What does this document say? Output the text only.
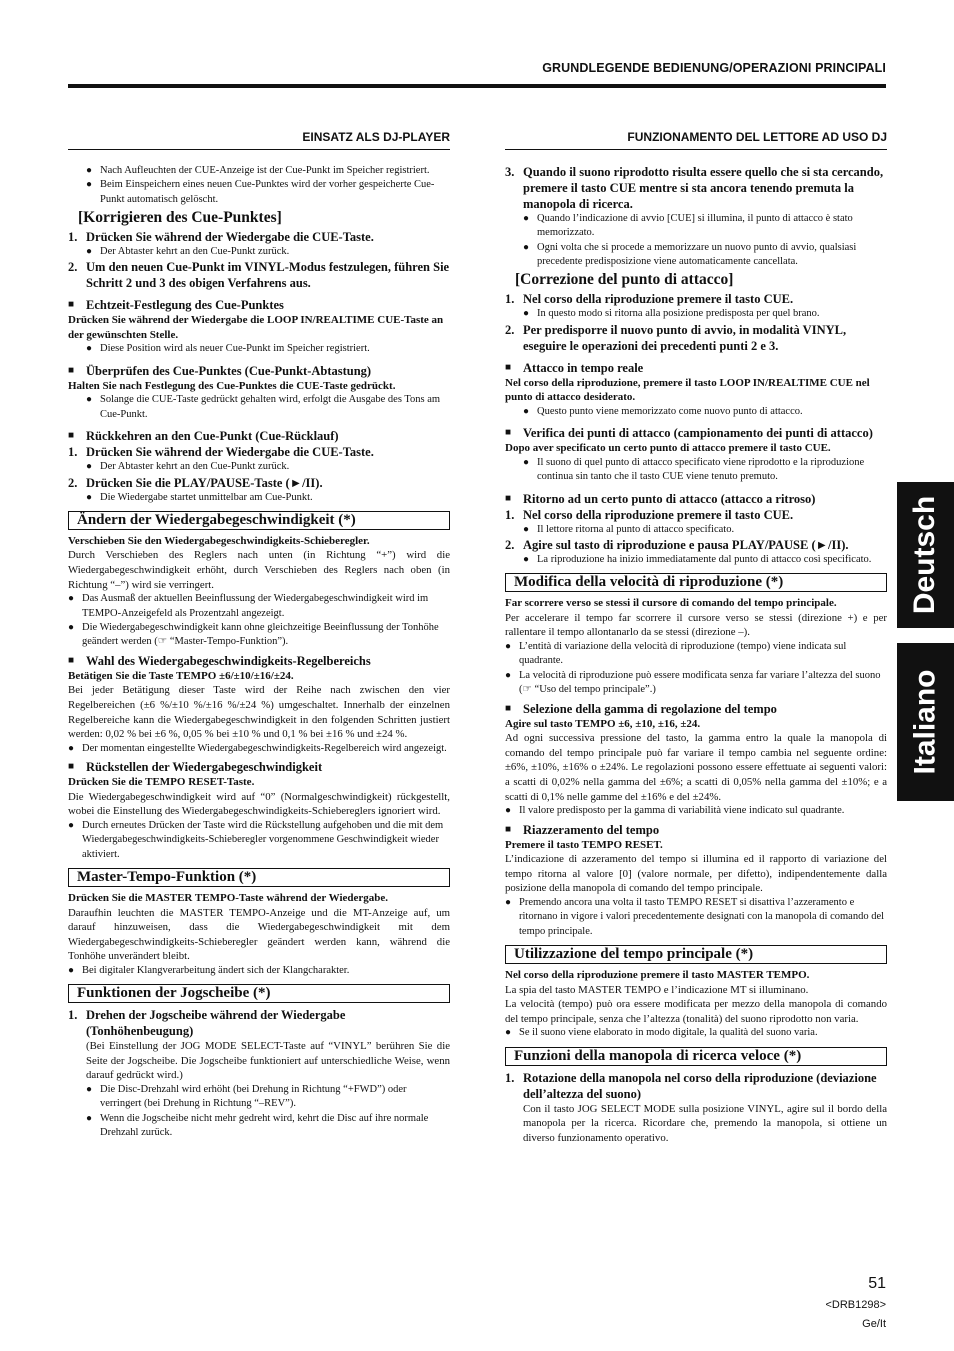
GRUNDLEGENDE BEDIENUNG/OPERAZIONI PRINCIPALI
Deutsch
Italiano
EINSATZ ALS DJ-PLAYER
● Nach Aufleuchten der CUE-Anzeige ist der Cue-Punkt im Speicher registriert.
● Beim Einspeichern eines neuen Cue-Punktes wird der vorher gespeicherte Cue-Punkt automatisch gelöscht.
[Korrigieren des Cue-Punktes]
1. Drücken Sie während der Wiedergabe die CUE-Taste.
● Der Abtaster kehrt an den Cue-Punkt zurück.
2. Um den neuen Cue-Punkt im VINYL-Modus festzulegen, führen Sie Schritt 2 und 3 des obigen Verfahrens aus.
■ Echtzeit-Festlegung des Cue-Punktes
Drücken Sie während der Wiedergabe die LOOP IN/REALTIME CUE-Taste an der gewünschten Stelle.
● Diese Position wird als neuer Cue-Punkt im Speicher registriert.
■ Überprüfen des Cue-Punktes (Cue-Punkt-Abtastung)
Halten Sie nach Festlegung des Cue-Punktes die CUE-Taste gedrückt.
● Solange die CUE-Taste gedrückt gehalten wird, erfolgt die Ausgabe des Tons am Cue-Punkt.
■ Rückkehren an den Cue-Punkt (Cue-Rücklauf)
1. Drücken Sie während der Wiedergabe die CUE-Taste.
● Der Abtaster kehrt an den Cue-Punkt zurück.
2. Drücken Sie die PLAY/PAUSE-Taste (►/II).
● Die Wiedergabe startet unmittelbar am Cue-Punkt.
Ändern der Wiedergabegeschwindigkeit (*)
Verschieben Sie den Wiedergabegeschwindigkeits-Schieberegler.
Durch Verschieben des Reglers nach unten (in Richtung “+”) wird die Wiedergabegeschwindigkeit erhöht, durch Verschieben des Reglers nach oben (in Richtung “–”) wird sie verringert.
● Das Ausmaß der aktuellen Beeinflussung der Wiedergabegeschwindigkeit wird im TEMPO-Anzeigefeld als Prozentzahl angezeigt.
● Die Wiedergabegeschwindigkeit kann ohne gleichzeitige Beeinflussung der Tonhöhe geändert werden (☞ “Master-Tempo-Funktion”).
■ Wahl des Wiedergabegeschwindigkeits-Regelbereichs
Betätigen Sie die Taste TEMPO ±6/±10/±16/±24.
Bei jeder Betätigung dieser Taste wird der Reihe nach zwischen den vier Regelbereichen (±6 %/±10 %/±16 %/±24 %) umgeschaltet. Innerhalb der einzelnen Regelbereiche kann die Wiedergabegeschwindigkeit in den folgenden Schritten justiert werden: 0,02 % bei ±6 %, 0,05 % bei ±10 % und 0,1 % bei ±16 % und ±24 %.
● Der momentan eingestellte Wiedergabegeschwindigkeits-Regelbereich wird angezeigt.
■ Rückstellen der Wiedergabegeschwindigkeit
Drücken Sie die TEMPO RESET-Taste.
Die Wiedergabegeschwindigkeit wird auf “0” (Normalgeschwindigkeit) rückgestellt, wobei die Einstellung des Wiedergabegeschwindigkeits-Schiebereglers ignoriert wird.
● Durch erneutes Drücken der Taste wird die Rückstellung aufgehoben und die mit dem Wiedergabegeschwindigkeits-Schieberegler vorgenommene Geschwindigkeit wieder aktiviert.
Master-Tempo-Funktion (*)
Drücken Sie die MASTER TEMPO-Taste während der Wiedergabe.
Daraufhin leuchten die MASTER TEMPO-Anzeige und die MT-Anzeige auf, um darauf hinzuweisen, dass die Wiedergabegeschwindigkeit mit dem Wiedergabegeschwindigkeits-Schieberegler geändert werden kann, während die Tonhöhe unverändert bleibt.
● Bei digitaler Klangverarbeitung ändert sich der Klangcharakter.
Funktionen der Jogscheibe (*)
1. Drehen der Jogscheibe während der Wiedergabe (Tonhöhenbeugung)
(Bei Einstellung der JOG MODE SELECT-Taste auf “VINYL” berühren Sie die Seite der Jogscheibe. Die Jogscheibe funktioniert auf unterschiedliche Weise, wenn darauf gedrückt wird.)
● Die Disc-Drehzahl wird erhöht (bei Drehung in Richtung “+FWD”) oder verringert (bei Drehung in Richtung “–REV”).
● Wenn die Jogscheibe nicht mehr gedreht wird, kehrt die Disc auf ihre normale Drehzahl zurück.
FUNZIONAMENTO DEL LETTORE AD USO DJ
3. Quando il suono riprodotto risulta essere quello che si sta cercando, premere il tasto CUE mentre si sta ancora tenendo premuta la manopola di ricerca.
● Quando l’indicazione di avvio [CUE] si illumina, il punto di attacco è stato memorizzato.
● Ogni volta che si procede a memorizzare un nuovo punto di avvio, qualsiasi precedente predisposizione viene automaticamente cancellata.
[Correzione del punto di attacco]
1. Nel corso della riproduzione premere il tasto CUE.
● In questo modo si ritorna alla posizione predisposta per quel brano.
2. Per predisporre il nuovo punto di avvio, in modalità VINYL, eseguire le operazioni dei precedenti punti 2 e 3.
■ Attacco in tempo reale
Nel corso della riproduzione, premere il tasto LOOP IN/REALTIME CUE nel punto di attacco desiderato.
● Questo punto viene memorizzato come nuovo punto di attacco.
■ Verifica dei punti di attacco (campionamento dei punti di attacco)
Dopo aver specificato un certo punto di attacco premere il tasto CUE.
● Il suono di quel punto di attacco specificato viene riprodotto e la riproduzione continua sin tanto che il tasto CUE viene tenuto premuto.
■ Ritorno ad un certo punto di attacco (attacco a ritroso)
1. Nel corso della riproduzione premere il tasto CUE.
● Il lettore ritorna al punto di attacco specificato.
2. Agire sul tasto di riproduzione e pausa PLAY/PAUSE (►/II).
● La riproduzione ha inizio immediatamente dal punto di attacco così specificato.
Modifica della velocità di riproduzione (*)
Far scorrere verso se stessi il cursore di comando del tempo principale.
Per accelerare il tempo far scorrere il cursore verso se stessi (direzione +) e per rallentare il tempo allontanarlo da se stessi (direzione –).
● L’entità di variazione della velocità di riproduzione (tempo) viene indicata sul quadrante.
● La velocità di riproduzione può essere modificata senza far variare l’altezza del suono (☞ “Uso del tempo principale”.)
■ Selezione della gamma di regolazione del tempo
Agire sul tasto TEMPO ±6, ±10, ±16, ±24.
Ad ogni successiva pressione del tasto, la gamma entro la quale la manopola di comando del tempo principale può far variare il tempo cambia nel seguente ordine: ±6%, ±10%, ±16% o ±24%. Le regolazioni possono essere effettuate ai seguenti valori: a scatti di 0,02% nella gamma del ±6%; a scatti di 0,05% nella gamma del ±10%; e a scatti di 0,1% nelle gamme del ±16% e del ±24%.
● Il valore predisposto per la gamma di variabilità viene indicato sul quadrante.
■ Riazzeramento del tempo
Premere il tasto TEMPO RESET.
L’indicazione di azzeramento del tempo si illumina ed il rapporto di variazione del tempo ritorna al valore [0] (valore normale, per difetto), indipendentemente dalla posizione della manopola di comando del tempo principale.
● Premendo ancora una volta il tasto TEMPO RESET si disattiva l’azzeramento e ritornano in vigore i valori precedentemente designati con la manopola di comando del tempo principale.
Utilizzazione del tempo principale (*)
Nel corso della riproduzione premere il tasto MASTER TEMPO.
La spia del tasto MASTER TEMPO e l’indicazione MT si illuminano.
La velocità (tempo) può ora essere modificata per mezzo della manopola di comando del tempo principale, senza che l’altezza (tonalità) del suono riprodotto non varia.
● Se il suono viene elaborato in modo digitale, la qualità del suono varia.
Funzioni della manopola di ricerca veloce (*)
1. Rotazione della manopola nel corso della riproduzione (deviazione dell’altezza del suono)
Con il tasto JOG SELECT MODE sulla posizione VINYL, agire sul il bordo della manopola per la ricerca. Ricordare che, premendo la manopola, si ottiene un diverso funzionamento operativo.
51
<DRB1298>
Ge/It
